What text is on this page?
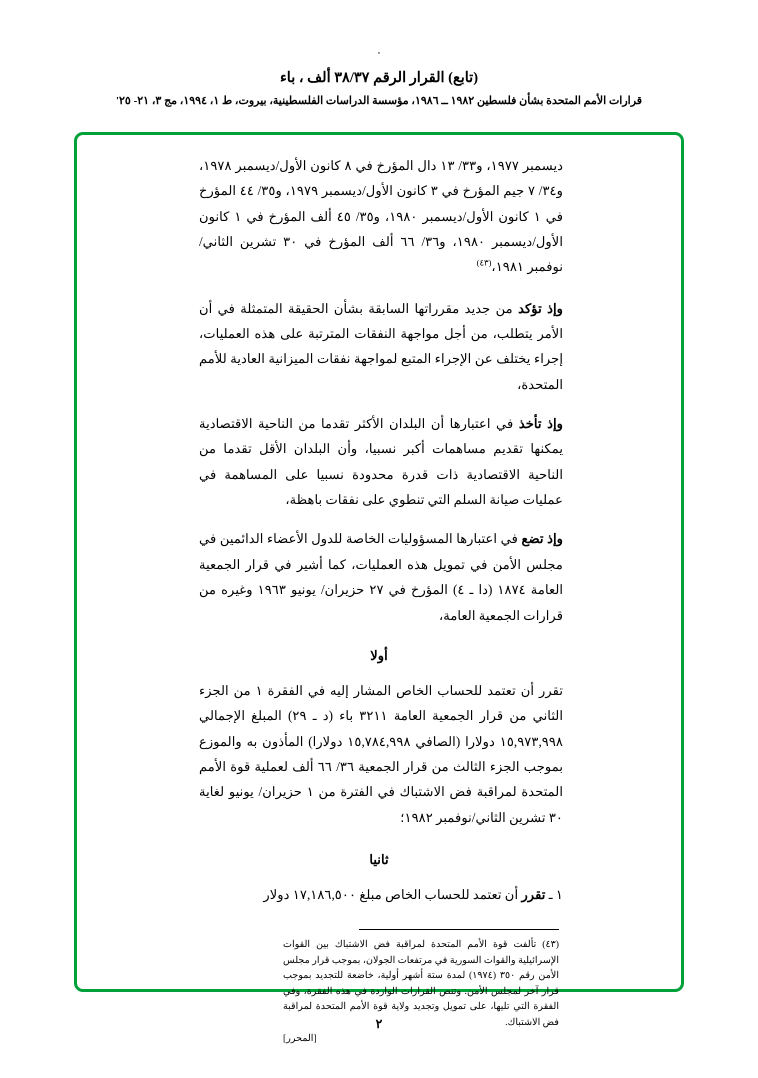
٠
(تابع) القرار الرقم ٣٨/٣٧ ألف ، باء
قرارات الأمم المتحدة بشأن فلسطين ١٩٨٢ ــ ١٩٨٦، مؤسسة الدراسات الفلسطينية، بيروت، ط ١، ١٩٩٤، مج ٣، ٢١- ٢٥'

ديسمبر ١٩٧٧، و٣٣/ ١٣ دال المؤرخ في ٨ كانون الأول/ديسمبر ١٩٧٨، و٣٤/ ٧ جيم المؤرخ في ٣ كانون الأول/ديسمبر ١٩٧٩، و٣٥/ ٤٤ المؤرخ في ١ كانون الأول/ديسمبر ١٩٨٠، و٣٥/ ٤٥ ألف المؤرخ في ١ كانون الأول/ديسمبر ١٩٨٠، و٣٦/ ٦٦ ألف المؤرخ في ٣٠ تشرين الثاني/نوفمبر ١٩٨١،$^{(٤٣)}$

وإذ تؤكد من جديد مقرراتها السابقة بشأن الحقيقة المتمثلة في أن الأمر يتطلب، من أجل مواجهة النفقات المترتبة على هذه العمليات، إجراء يختلف عن الإجراء المتبع لمواجهة نفقات الميزانية العادية للأمم المتحدة،

وإذ تأخذ في اعتبارها أن البلدان الأكثر تقدما من الناحية الاقتصادية يمكنها تقديم مساهمات أكبر نسبيا، وأن البلدان الأقل تقدما من الناحية الاقتصادية ذات قدرة محدودة نسبيا على المساهمة في عمليات صيانة السلم التي تنطوي على نفقات باهظة،

وإذ تضع في اعتبارها المسؤوليات الخاصة للدول الأعضاء الدائمين في مجلس الأمن في تمويل هذه العمليات، كما أشير في قرار الجمعية العامة ١٨٧٤ (دا ـ ٤) المؤرخ في ٢٧ حزيران/ يونيو ١٩٦٣ وغيره من قرارات الجمعية العامة،

أولا

تقرر أن تعتمد للحساب الخاص المشار إليه في الفقرة ١ من الجزء الثاني من قرار الجمعية العامة ٣٢١١ باء (د ـ ٢٩) المبلغ الإجمالي ١٥,٩٧٣,٩٩٨ دولارا (الصافي ١٥,٧٨٤,٩٩٨ دولارا) المأذون به والموزع بموجب الجزء الثالث من قرار الجمعية ٣٦/ ٦٦ ألف لعملية قوة الأمم المتحدة لمراقبة فض الاشتباك في الفترة من ١ حزيران/ يونيو لغاية ٣٠ تشرين الثاني/نوفمبر ١٩٨٢؛

ثانيا

١ ـ تقرر أن تعتمد للحساب الخاص مبلغ ١٧,١٨٦,٥٠٠ دولار

(٤٣) تألفت قوة الأمم المتحدة لمراقبة فض الاشتباك بين القوات الإسرائيلية والقوات السورية في مرتفعات الجولان، بموجب قرار مجلس الأمن رقم ٣٥٠ (١٩٧٤) لمدة ستة أشهر أولية، خاضعة للتجديد بموجب قرار آخر لمجلس الأمن. وتنص القرارات الواردة في هذه الفقرة، وفي الفقرة التي تليها، على تمويل وتجديد ولاية قوة الأمم المتحدة لمراقبة فض الاشتباك.
[المحرر]

٢
